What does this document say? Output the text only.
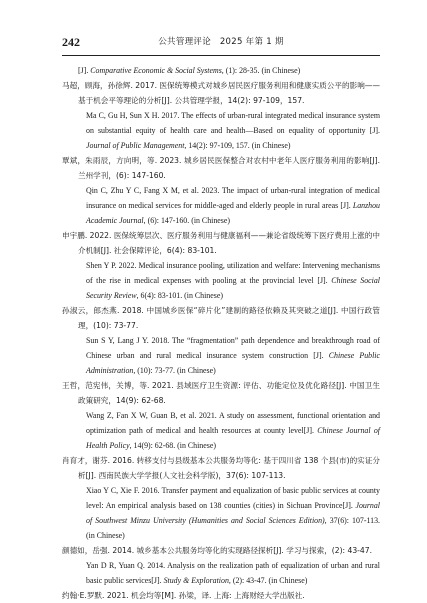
242	公共管理评论　2025 年第 1 期

[J]. Comparative Economic & Social Systems, (1): 28-35. (in Chinese)

马超，顾海，孙徐辉. 2017. 医保统筹模式对城乡居民医疗服务利用和健康实质公平的影响——基于机会平等理论的分析[J]. 公共管理学报，14(2): 97-109，157.

Ma C, Gu H, Sun X H. 2017. The effects of urban-rural integrated medical insurance system on substantial equity of health care and health—Based on equality of opportunity [J]. Journal of Public Management, 14(2): 97-109, 157. (in Chinese)

覃斌，朱雨辰，方向明，等. 2023. 城乡居民医保整合对农村中老年人医疗服务利用的影响[J]. 兰州学刊，(6): 147-160.

Qin C, Zhu Y C, Fang X M, et al. 2023. The impact of urban-rural integration of medical insurance on medical services for middle-aged and elderly people in rural areas [J]. Lanzhou Academic Journal, (6): 147-160. (in Chinese)

申宇鹏. 2022. 医保统筹层次、医疗服务利用与健康福利——兼论省级统筹下医疗费用上涨的中介机制[J]. 社会保障评论，6(4): 83-101.

Shen Y P. 2022. Medical insurance pooling, utilization and welfare: Intervening mechanisms of the rise in medical expenses with pooling at the provincial level [J]. Chinese Social Security Review, 6(4): 83-101. (in Chinese)

孙淑云，郎杰燕. 2018. 中国城乡医保“碎片化”建制的路径依赖及其突破之道[J]. 中国行政管理，(10): 73-77.

Sun S Y, Lang J Y. 2018. The “fragmentation” path dependence and breakthrough road of Chinese urban and rural medical insurance system construction [J]. Chinese Public Administration, (10): 73-77. (in Chinese)

王哲，范宪伟，关博，等. 2021. 县域医疗卫生资源: 评估、功能定位及优化路径[J]. 中国卫生政策研究，14(9): 62-68.

Wang Z, Fan X W, Guan B, et al. 2021. A study on assessment, functional orientation and optimization path of medical and health resources at county level[J]. Chinese Journal of Health Policy, 14(9): 62-68. (in Chinese)

肖育才，谢芬. 2016. 转移支付与县级基本公共服务均等化: 基于四川省 138 个县(市)的实证分析[J]. 西南民族大学学报(人文社会科学版)，37(6): 107-113.

Xiao Y C, Xie F. 2016. Transfer payment and equalization of basic public services at county level: An empirical analysis based on 138 counties (cities) in Sichuan Province[J]. Journal of Southwest Minzu University (Humanities and Social Sciences Edition), 37(6): 107-113. (in Chinese)

颜德如，岳强. 2014. 城乡基本公共服务均等化的实现路径探析[J]. 学习与探索，(2): 43-47.

Yan D R, Yuan Q. 2014. Analysis on the realization path of equalization of urban and rural basic public services[J]. Study & Exploration, (2): 43-47. (in Chinese)

约翰·E.罗默. 2021. 机会均等[M]. 孙梁，译. 上海: 上海财经大学出版社.
